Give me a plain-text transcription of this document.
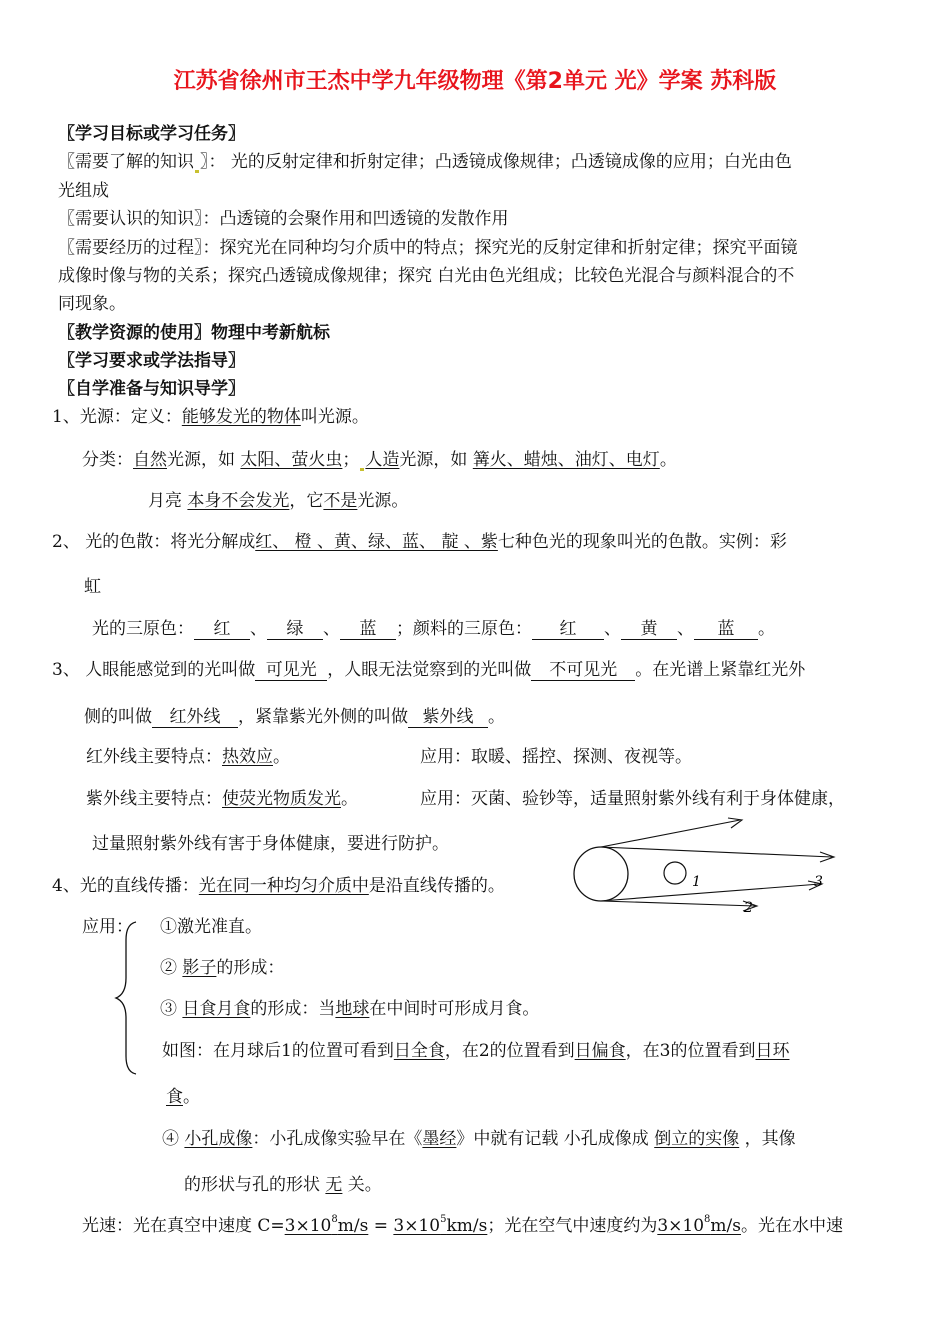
江苏省徐州市王杰中学九年级物理《第2单元 光》学案 苏科版
〖学习目标或学习任务〗
〖需要了解的知识 〗： 光的反射定律和折射定律；凸透镜成像规律；凸透镜成像的应用；白光由色
光组成
〖需要认识的知识〗：凸透镜的会聚作用和凹透镜的发散作用
〖需要经历的过程〗：探究光在同种均匀介质中的特点；探究光的反射定律和折射定律；探究平面镜
成像时像与物的关系；探究凸透镜成像规律；探究 白光由色光组成；比较色光混合与颜料混合的不
同现象。
〖教学资源的使用〗物理中考新航标
〖学习要求或学法指导〗
〖自学准备与知识导学〗
1、光源：定义：能够发光的物体叫光源。
分类：自然光源，如 太阳、萤火虫； 人造光源，如 篝火、蜡烛、油灯、电灯。
月亮 本身不会发光，它不是光源。
2、 光的色散：将光分解成红、 橙 、黄、绿、蓝、 靛 、紫七种色光的现象叫光的色散。实例：彩
虹
光的三原色： 红 、 绿 、 蓝 ；颜料的三原色： 红 、 黄 、 蓝 。
3、 人眼能感觉到的光叫做 可见光 ，人眼无法觉察到的光叫做 不可见光 。在光谱上紧靠红光外
侧的叫做 红外线 ，紧靠紫光外侧的叫做 紫外线 。
红外线主要特点：热效应。	应用：取暖、摇控、探测、夜视等。
紫外线主要特点：使荧光物质发光。	应用：灭菌、验钞等，适量照射紫外线有利于身体健康，
过量照射紫外线有害于身体健康，要进行防护。
1
2
3
4、光的直线传播：光在同一种均匀介质中是沿直线传播的。
应用： ①激光准直。
② 影子的形成：
③ 日食月食的形成：当地球在中间时可形成月食。
如图：在月球后1的位置可看到日全食，在2的位置看到日偏食，在3的位置看到日环
食。
④ 小孔成像：小孔成像实验早在《墨经》中就有记载 小孔成像成 倒立的实像 ，其像
的形状与孔的形状 无 关。
光速：光在真空中速度 $C=3\times 10^8m/s = 3\times 10^5km/s$；光在空气中速度约为$3\times 10^8m/s$。光在水中速
